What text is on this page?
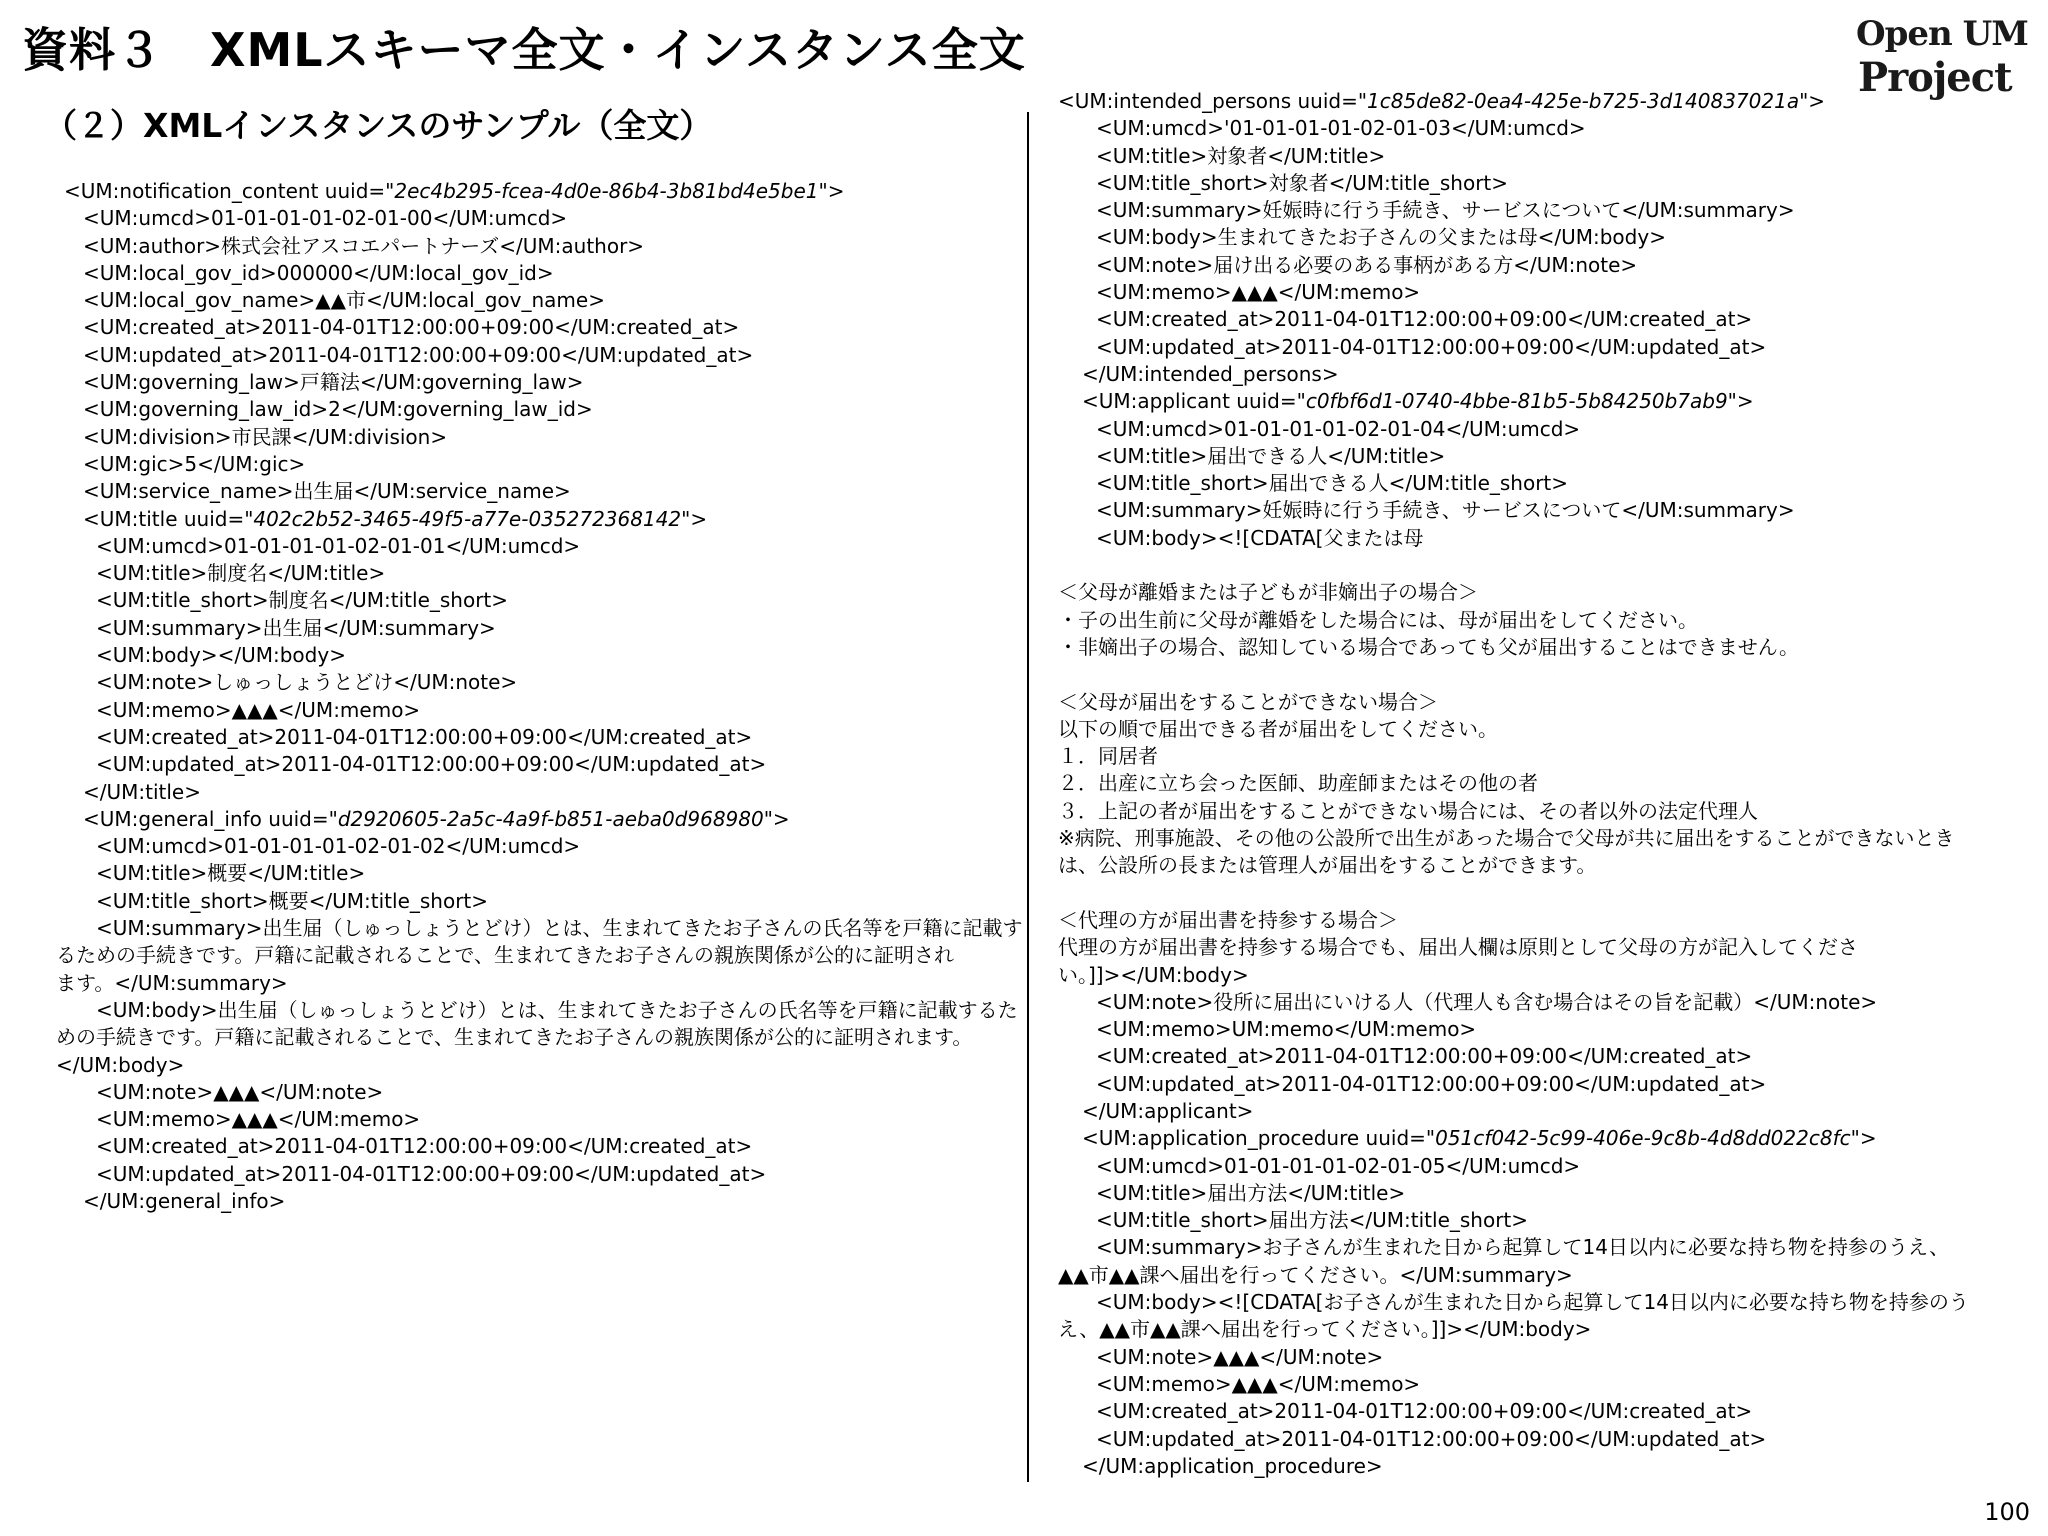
資料３　XMLスキーマ全文・インスタンス全文
（２）XMLインスタンスのサンプル（全文）
Open UM
Project
<UM:notification_content uuid="2ec4b295-fcea-4d0e-86b4-3b81bd4e5be1">
<UM:umcd>01-01-01-01-02-01-00</UM:umcd>
<UM:author>株式会社アスコエパートナーズ</UM:author>
<UM:local_gov_id>000000</UM:local_gov_id>
<UM:local_gov_name>▲▲市</UM:local_gov_name>
<UM:created_at>2011-04-01T12:00:00+09:00</UM:created_at>
<UM:updated_at>2011-04-01T12:00:00+09:00</UM:updated_at>
<UM:governing_law>戸籍法</UM:governing_law>
<UM:governing_law_id>2</UM:governing_law_id>
<UM:division>市民課</UM:division>
<UM:gic>5</UM:gic>
<UM:service_name>出生届</UM:service_name>
<UM:title uuid="402c2b52-3465-49f5-a77e-035272368142">
<UM:umcd>01-01-01-01-02-01-01</UM:umcd>
<UM:title>制度名</UM:title>
<UM:title_short>制度名</UM:title_short>
<UM:summary>出生届</UM:summary>
<UM:body></UM:body>
<UM:note>しゅっしょうとどけ</UM:note>
<UM:memo>▲▲▲</UM:memo>
<UM:created_at>2011-04-01T12:00:00+09:00</UM:created_at>
<UM:updated_at>2011-04-01T12:00:00+09:00</UM:updated_at>
</UM:title>
<UM:general_info uuid="d2920605-2a5c-4a9f-b851-aeba0d968980">
<UM:umcd>01-01-01-01-02-01-02</UM:umcd>
<UM:title>概要</UM:title>
<UM:title_short>概要</UM:title_short>
<UM:summary>出生届（しゅっしょうとどけ）とは、生まれてきたお子さんの氏名等を戸籍に記載す
るための手続きです。戸籍に記載されることで、生まれてきたお子さんの親族関係が公的に証明され
ます。</UM:summary>
<UM:body>出生届（しゅっしょうとどけ）とは、生まれてきたお子さんの氏名等を戸籍に記載するた
めの手続きです。戸籍に記載されることで、生まれてきたお子さんの親族関係が公的に証明されます。
</UM:body>
<UM:note>▲▲▲</UM:note>
<UM:memo>▲▲▲</UM:memo>
<UM:created_at>2011-04-01T12:00:00+09:00</UM:created_at>
<UM:updated_at>2011-04-01T12:00:00+09:00</UM:updated_at>
</UM:general_info>
<UM:intended_persons uuid="1c85de82-0ea4-425e-b725-3d140837021a">
<UM:umcd>'01-01-01-01-02-01-03</UM:umcd>
<UM:title>対象者</UM:title>
<UM:title_short>対象者</UM:title_short>
<UM:summary>妊娠時に行う手続き、サービスについて</UM:summary>
<UM:body>生まれてきたお子さんの父または母</UM:body>
<UM:note>届け出る必要のある事柄がある方</UM:note>
<UM:memo>▲▲▲</UM:memo>
<UM:created_at>2011-04-01T12:00:00+09:00</UM:created_at>
<UM:updated_at>2011-04-01T12:00:00+09:00</UM:updated_at>
</UM:intended_persons>
<UM:applicant uuid="c0fbf6d1-0740-4bbe-81b5-5b84250b7ab9">
<UM:umcd>01-01-01-01-02-01-04</UM:umcd>
<UM:title>届出できる人</UM:title>
<UM:title_short>届出できる人</UM:title_short>
<UM:summary>妊娠時に行う手続き、サービスについて</UM:summary>
<UM:body><![CDATA[父または母
＜父母が離婚または子どもが非嫡出子の場合＞
・子の出生前に父母が離婚をした場合には、母が届出をしてください。
・非嫡出子の場合、認知している場合であっても父が届出することはできません。
＜父母が届出をすることができない場合＞
以下の順で届出できる者が届出をしてください。
１．同居者
２．出産に立ち会った医師、助産師またはその他の者
３．上記の者が届出をすることができない場合には、その者以外の法定代理人
※病院、刑事施設、その他の公設所で出生があった場合で父母が共に届出をすることができないとき
は、公設所の長または管理人が届出をすることができます。
＜代理の方が届出書を持参する場合＞
代理の方が届出書を持参する場合でも、届出人欄は原則として父母の方が記入してくださ
い。]]></UM:body>
<UM:note>役所に届出にいける人（代理人も含む場合はその旨を記載）</UM:note>
<UM:memo>UM:memo</UM:memo>
<UM:created_at>2011-04-01T12:00:00+09:00</UM:created_at>
<UM:updated_at>2011-04-01T12:00:00+09:00</UM:updated_at>
</UM:applicant>
<UM:application_procedure uuid="051cf042-5c99-406e-9c8b-4d8dd022c8fc">
<UM:umcd>01-01-01-01-02-01-05</UM:umcd>
<UM:title>届出方法</UM:title>
<UM:title_short>届出方法</UM:title_short>
<UM:summary>お子さんが生まれた日から起算して14日以内に必要な持ち物を持参のうえ、
▲▲市▲▲課へ届出を行ってください。</UM:summary>
<UM:body><![CDATA[お子さんが生まれた日から起算して14日以内に必要な持ち物を持参のう
え、▲▲市▲▲課へ届出を行ってください。]]></UM:body>
<UM:note>▲▲▲</UM:note>
<UM:memo>▲▲▲</UM:memo>
<UM:created_at>2011-04-01T12:00:00+09:00</UM:created_at>
<UM:updated_at>2011-04-01T12:00:00+09:00</UM:updated_at>
</UM:application_procedure>
100
